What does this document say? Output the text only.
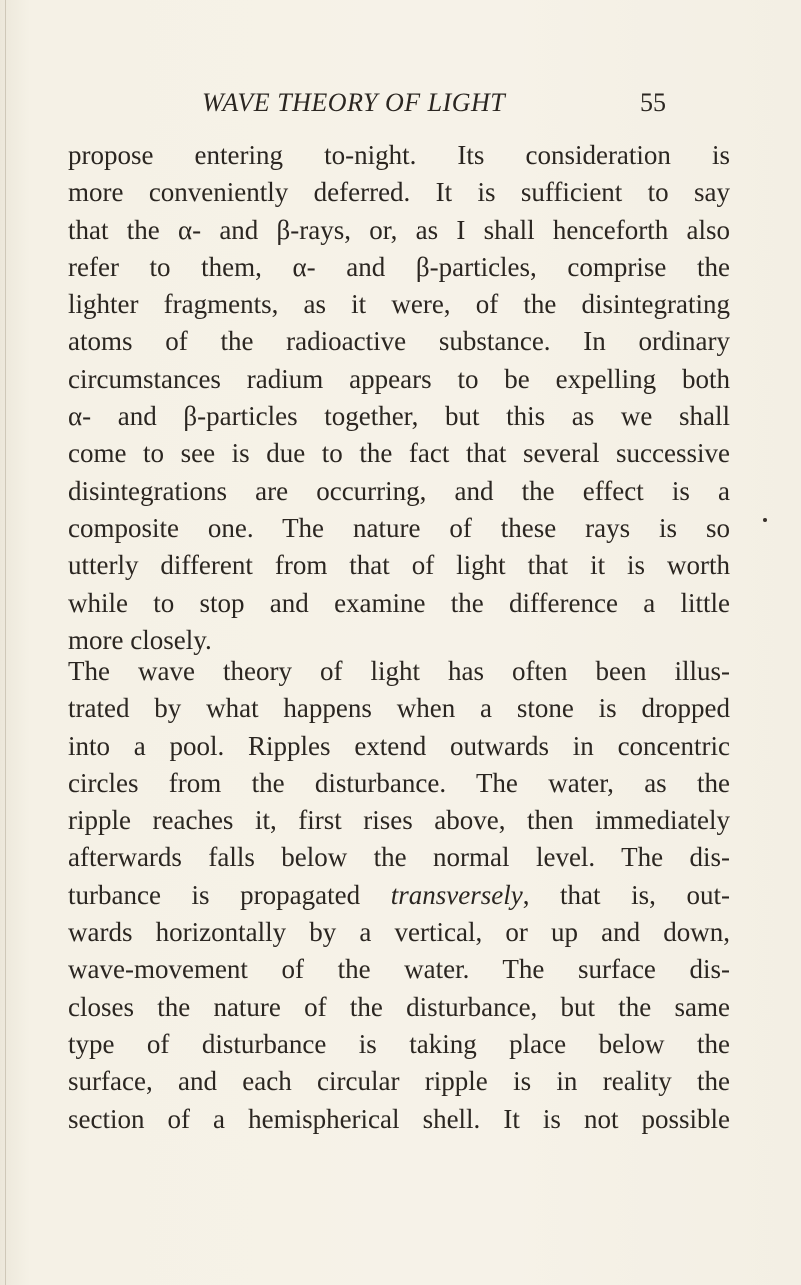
WAVE THEORY OF LIGHT	55
propose entering to-night. Its consideration is
more conveniently deferred. It is sufficient to say
that the α- and β-rays, or, as I shall henceforth also
refer to them, α- and β-particles, comprise the
lighter fragments, as it were, of the disintegrating
atoms of the radioactive substance. In ordinary
circumstances radium appears to be expelling both
α- and β-particles together, but this as we shall
come to see is due to the fact that several successive
disintegrations are occurring, and the effect is a
composite one. The nature of these rays is so
utterly different from that of light that it is worth
while to stop and examine the difference a little
more closely.
The wave theory of light has often been illus-
trated by what happens when a stone is dropped
into a pool. Ripples extend outwards in concentric
circles from the disturbance. The water, as the
ripple reaches it, first rises above, then immediately
afterwards falls below the normal level. The dis-
turbance is propagated transversely, that is, out-
wards horizontally by a vertical, or up and down,
wave-movement of the water. The surface dis-
closes the nature of the disturbance, but the same
type of disturbance is taking place below the
surface, and each circular ripple is in reality the
section of a hemispherical shell. It is not possible
